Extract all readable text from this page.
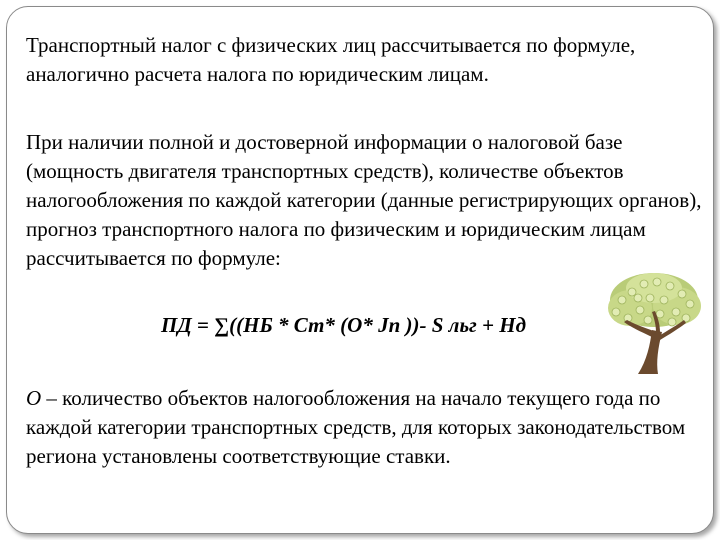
Транспортный налог с физических лиц рассчитывается по формуле, аналогично расчета налога по юридическим лицам.

При наличии полной и достоверной информации о налоговой базе (мощность двигателя транспортных средств), количестве объектов налогообложения по каждой категории (данные регистрирующих органов), прогноз транспортного налога по физическим и юридическим лицам рассчитывается по формуле:

ПД = ∑((НБ * Ст* (О* Jп ))- S льг + Нд

О – количество объектов налогообложения на начало текущего года по каждой категории транспортных средств, для которых законодательством региона установлены соответствующие ставки.
